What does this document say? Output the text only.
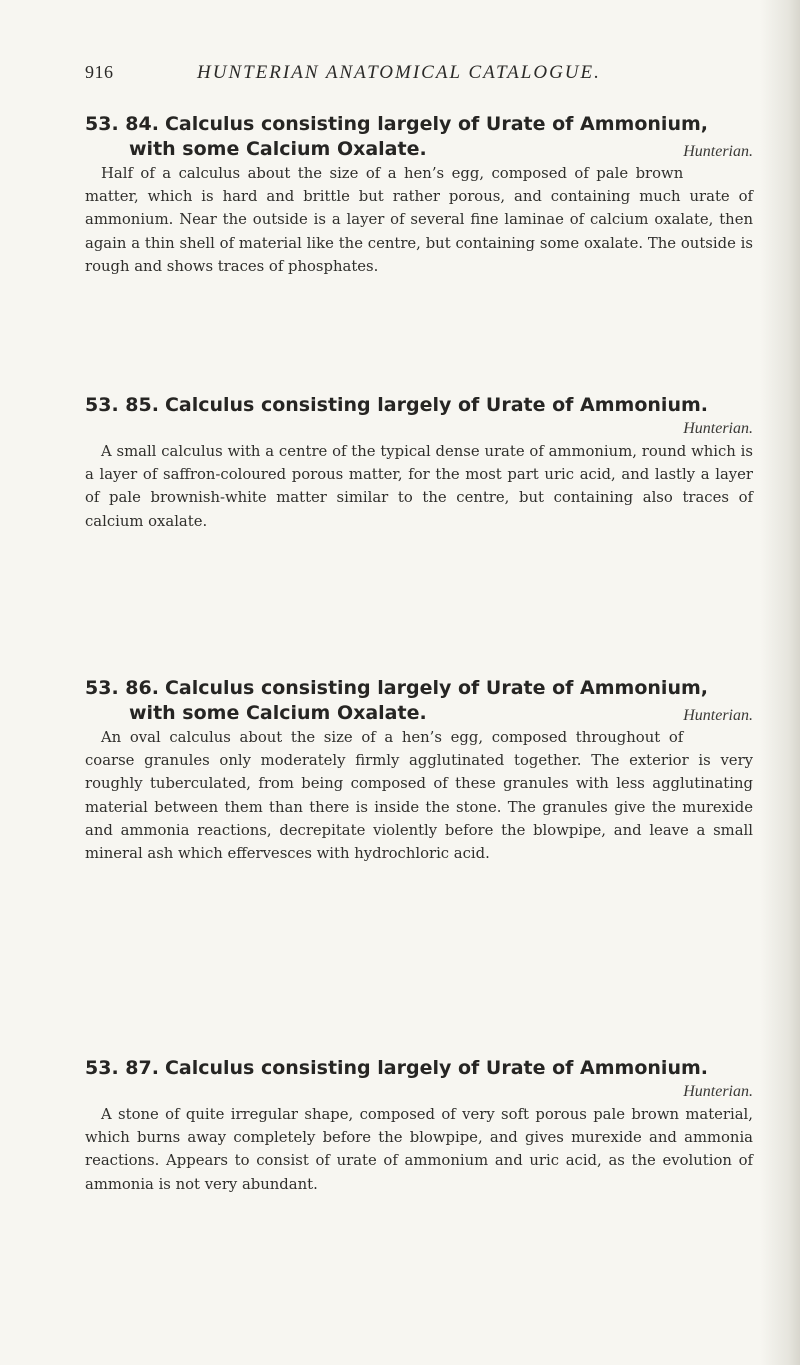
916	HUNTERIAN ANATOMICAL CATALOGUE.
53. 84. Calculus consisting largely of Urate of Ammonium,
with some Calcium Oxalate.	Hunterian.

Half of a calculus about the size of a hen’s egg, composed of pale brown matter, which is hard and brittle but rather porous, and containing much urate of ammonium. Near the outside is a layer of several fine laminae of calcium oxalate, then again a thin shell of material like the centre, but containing some oxalate. The outside is rough and shows traces of phosphates.

53. 85. Calculus consisting largely of Urate of Ammonium.
Hunterian.

A small calculus with a centre of the typical dense urate of ammonium, round which is a layer of saffron-coloured porous matter, for the most part uric acid, and lastly a layer of pale brownish-white matter similar to the centre, but containing also traces of calcium oxalate.

53. 86. Calculus consisting largely of Urate of Ammonium,
with some Calcium Oxalate.	Hunterian.

An oval calculus about the size of a hen’s egg, composed throughout of coarse granules only moderately firmly agglutinated together. The exterior is very roughly tuberculated, from being composed of these granules with less agglutinating material between them than there is inside the stone. The granules give the murexide and ammonia reactions, decrepitate violently before the blowpipe, and leave a small mineral ash which effervesces with hydrochloric acid.

53. 87. Calculus consisting largely of Urate of Ammonium.
Hunterian.

A stone of quite irregular shape, composed of very soft porous pale brown material, which burns away completely before the blowpipe, and gives murexide and ammonia reactions. Appears to consist of urate of ammonium and uric acid, as the evolution of ammonia is not very abundant.
